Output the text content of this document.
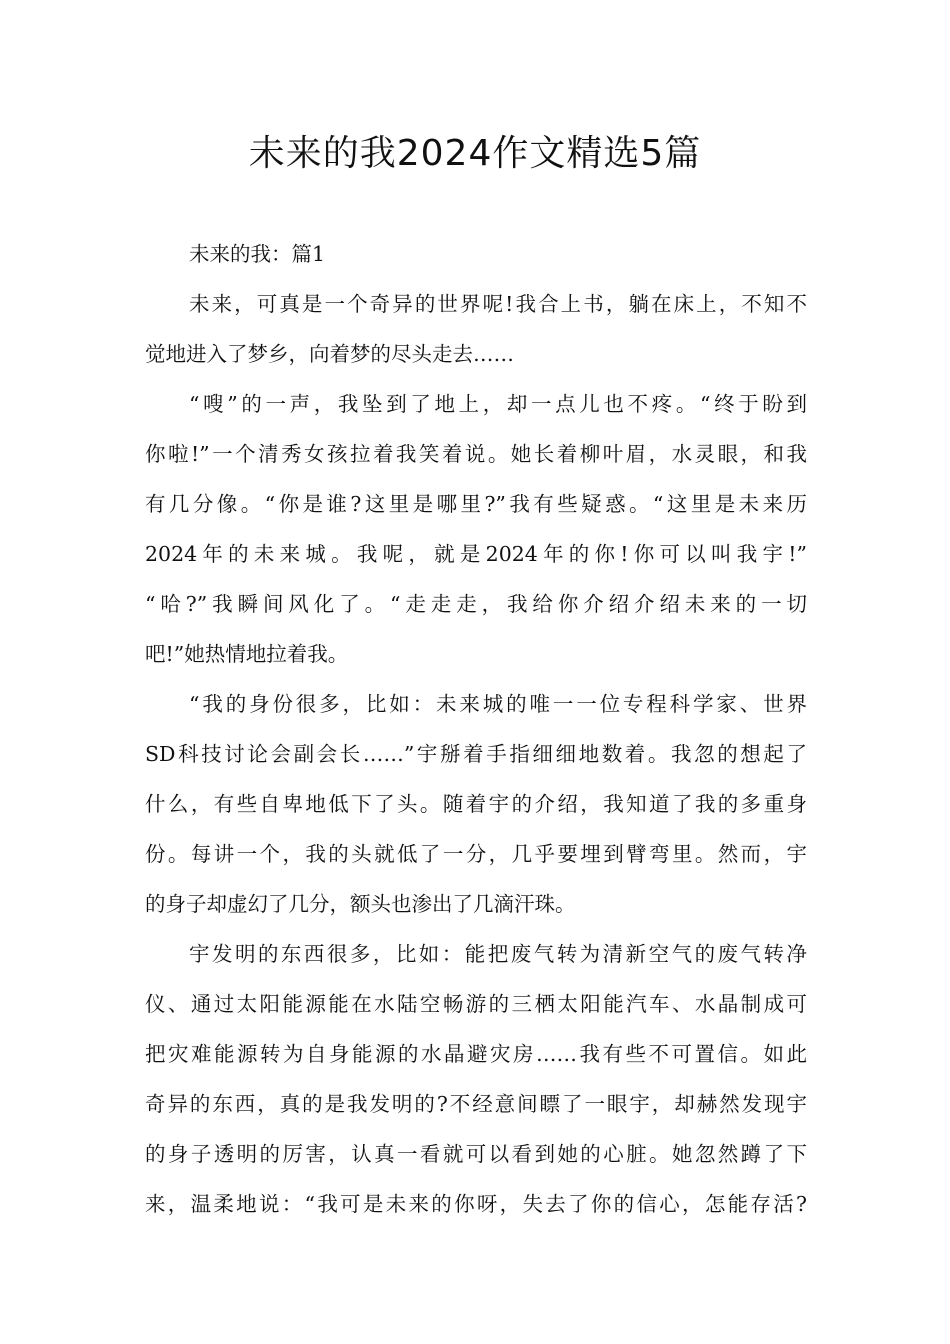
未来的我2024作文精选5篇
未来的我：篇1
未来，可真是一个奇异的世界呢!我合上书，躺在床上，不知不
觉地进入了梦乡，向着梦的尽头走去……
“嗖”的一声，我坠到了地上，却一点儿也不疼。“终于盼到
你啦!”一个清秀女孩拉着我笑着说。她长着柳叶眉，水灵眼，和我
有几分像。“你是谁?这里是哪里?”我有些疑惑。“这里是未来历
2024年的未来城。我呢，就是2024年的你!你可以叫我宇!”
“哈?”我瞬间风化了。“走走走，我给你介绍介绍未来的一切
吧!”她热情地拉着我。
“我的身份很多，比如：未来城的唯一一位专程科学家、世界
SD科技讨论会副会长……”宇掰着手指细细地数着。我忽的想起了
什么，有些自卑地低下了头。随着宇的介绍，我知道了我的多重身
份。每讲一个，我的头就低了一分，几乎要埋到臂弯里。然而，宇
的身子却虚幻了几分，额头也渗出了几滴汗珠。
宇发明的东西很多，比如：能把废气转为清新空气的废气转净
仪、通过太阳能源能在水陆空畅游的三栖太阳能汽车、水晶制成可
把灾难能源转为自身能源的水晶避灾房……我有些不可置信。如此
奇异的东西，真的是我发明的?不经意间瞟了一眼宇，却赫然发现宇
的身子透明的厉害，认真一看就可以看到她的心脏。她忽然蹲了下
来，温柔地说：“我可是未来的你呀，失去了你的信心，怎能存活?
